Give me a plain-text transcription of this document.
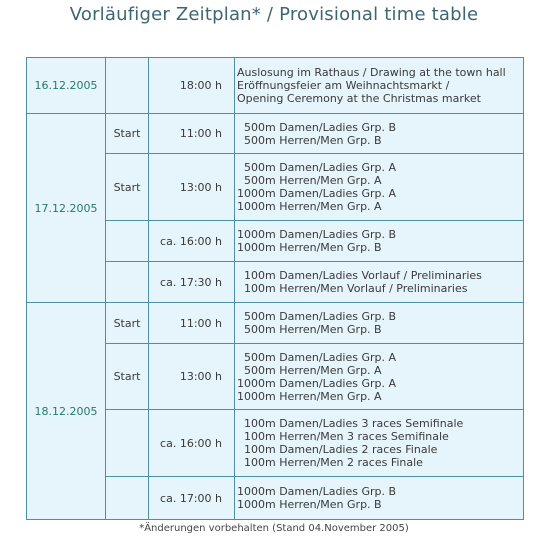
Vorläufiger Zeitplan* / Provisional time table
16.12.2005		18:00 h	Auslosung im Rathaus / Drawing at the town hall
Eröffnungsfeier am Weihnachtsmarkt /
Opening Ceremony at the Christmas market

17.12.2005	Start	11:00 h	500m Damen/Ladies Grp. B
500m Herren/Men Grp. B

	Start	13:00 h	500m Damen/Ladies Grp. A
500m Herren/Men Grp. A
1000m Damen/Ladies Grp. A
1000m Herren/Men Grp. A

		ca. 16:00 h	1000m Damen/Ladies Grp. B
1000m Herren/Men Grp. B

		ca. 17:30 h	100m Damen/Ladies Vorlauf / Preliminaries
100m Herren/Men Vorlauf / Preliminaries

18.12.2005	Start	11:00 h	500m Damen/Ladies Grp. B
500m Herren/Men Grp. B

	Start	13:00 h	500m Damen/Ladies Grp. A
500m Herren/Men Grp. A
1000m Damen/Ladies Grp. A
1000m Herren/Men Grp. A

		ca. 16:00 h	100m Damen/Ladies 3 races Semifinale
100m Herren/Men 3 races Semifinale
100m Damen/Ladies 2 races Finale
100m Herren/Men 2 races Finale

		ca. 17:00 h	1000m Damen/Ladies Grp. B
1000m Herren/Men Grp. B
*Änderungen vorbehalten (Stand 04.November 2005)
